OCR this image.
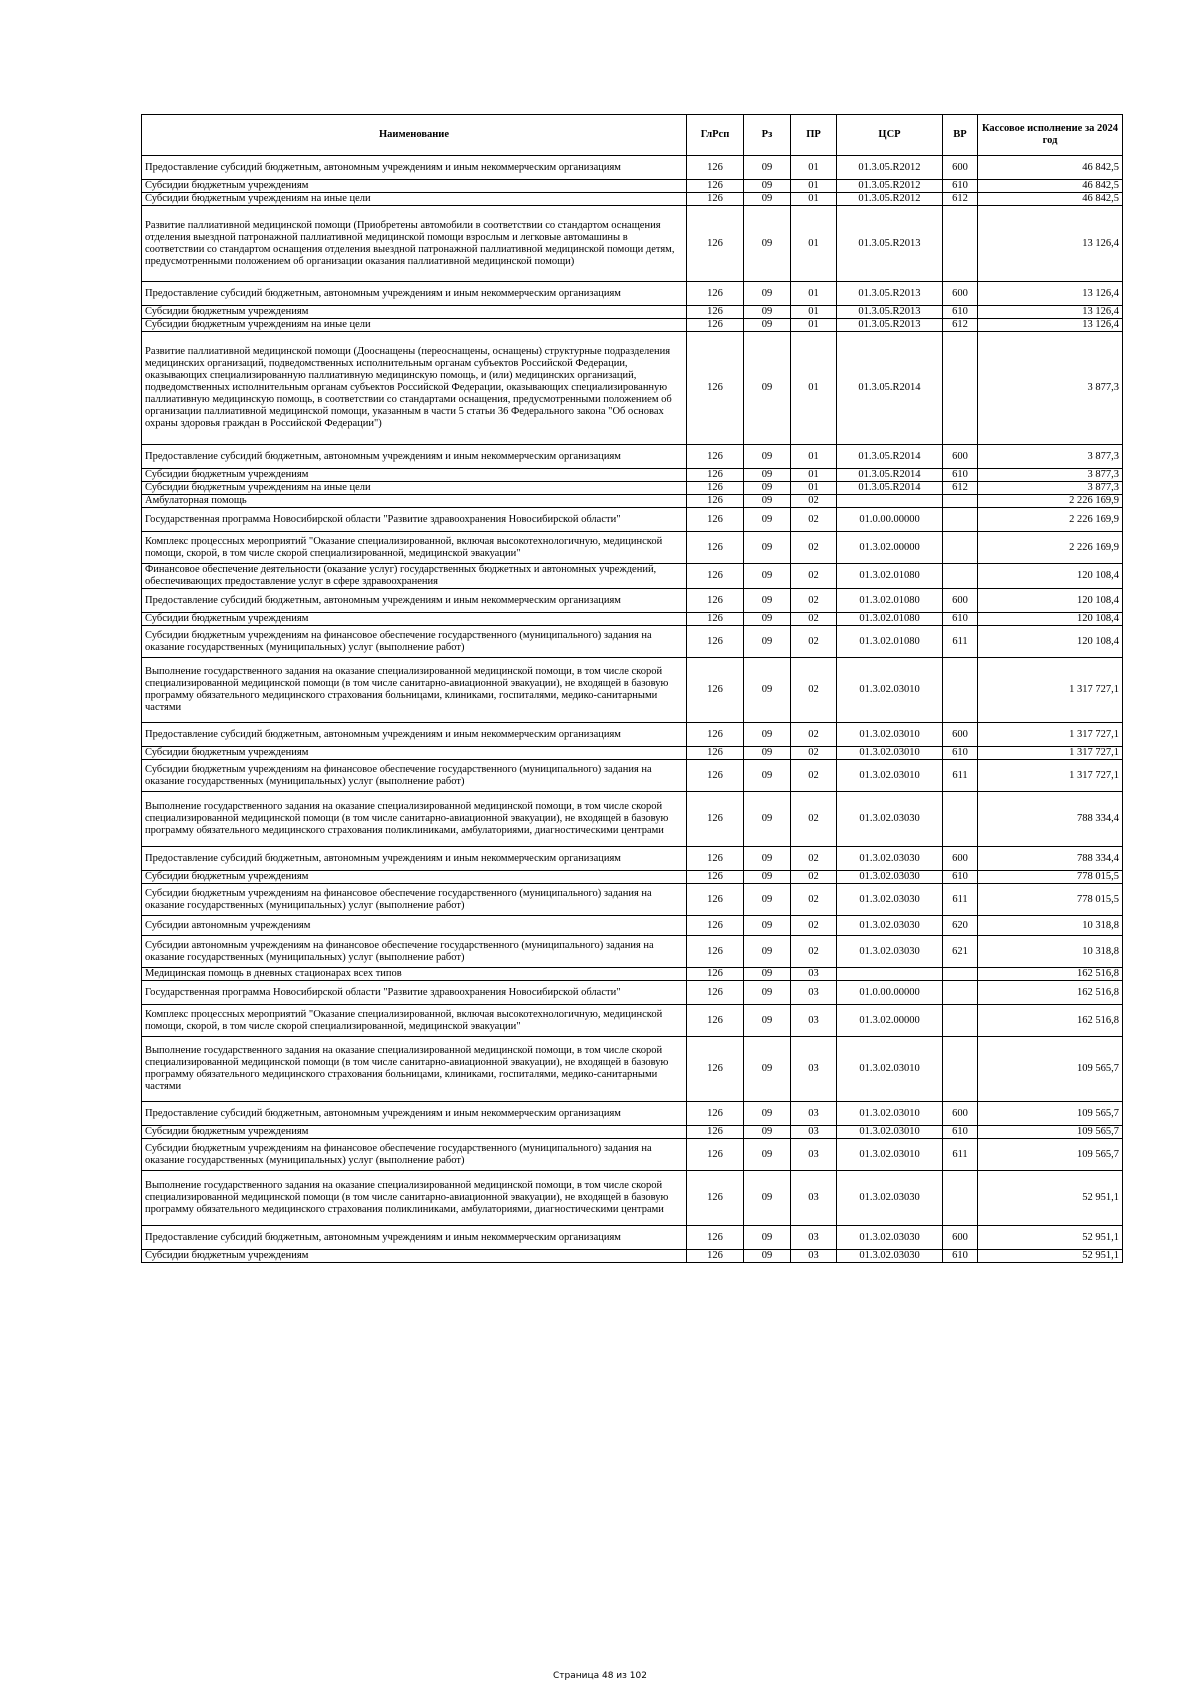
Наименование	ГлРсп	Рз	ПР	ЦСР	ВР	Кассовое исполнение за 2024 год
Предоставление субсидий бюджетным, автономным учреждениям и иным некоммерческим организациям	126	09	01	01.3.05.R2012	600	46 842,5
Субсидии бюджетным учреждениям	126	09	01	01.3.05.R2012	610	46 842,5
Субсидии бюджетным учреждениям на иные цели	126	09	01	01.3.05.R2012	612	46 842,5
Развитие паллиативной медицинской помощи (Приобретены автомобили в соответствии со стандартом оснащения отделения выездной патронажной паллиативной медицинской помощи взрослым и легковые автомашины в соответствии со стандартом оснащения отделения выездной патронажной паллиативной медицинской помощи детям, предусмотренными положением об организации оказания паллиативной медицинской помощи)	126	09	01	01.3.05.R2013		13 126,4
Предоставление субсидий бюджетным, автономным учреждениям и иным некоммерческим организациям	126	09	01	01.3.05.R2013	600	13 126,4
Субсидии бюджетным учреждениям	126	09	01	01.3.05.R2013	610	13 126,4
Субсидии бюджетным учреждениям на иные цели	126	09	01	01.3.05.R2013	612	13 126,4
Развитие паллиативной медицинской помощи (Дооснащены (переоснащены, оснащены) структурные подразделения медицинских организаций, подведомственных исполнительным органам субъектов Российской Федерации, оказывающих специализированную паллиативную медицинскую помощь, и (или) медицинских организаций, подведомственных исполнительным органам субъектов Российской Федерации, оказывающих специализированную паллиативную медицинскую помощь, в соответствии со стандартами оснащения, предусмотренными положением об организации паллиативной медицинской помощи, указанным в части 5 статьи 36 Федерального закона "Об основах охраны здоровья граждан в Российской Федерации")	126	09	01	01.3.05.R2014		3 877,3
Предоставление субсидий бюджетным, автономным учреждениям и иным некоммерческим организациям	126	09	01	01.3.05.R2014	600	3 877,3
Субсидии бюджетным учреждениям	126	09	01	01.3.05.R2014	610	3 877,3
Субсидии бюджетным учреждениям на иные цели	126	09	01	01.3.05.R2014	612	3 877,3
Амбулаторная помощь	126	09	02			2 226 169,9
Государственная программа Новосибирской области "Развитие здравоохранения Новосибирской области"	126	09	02	01.0.00.00000		2 226 169,9
Комплекс процессных мероприятий "Оказание специализированной, включая высокотехнологичную, медицинской помощи, скорой, в том числе скорой специализированной, медицинской эвакуации"	126	09	02	01.3.02.00000		2 226 169,9
Финансовое обеспечение деятельности (оказание услуг) государственных бюджетных и автономных учреждений, обеспечивающих предоставление услуг в сфере здравоохранения	126	09	02	01.3.02.01080		120 108,4
Предоставление субсидий бюджетным, автономным учреждениям и иным некоммерческим организациям	126	09	02	01.3.02.01080	600	120 108,4
Субсидии бюджетным учреждениям	126	09	02	01.3.02.01080	610	120 108,4
Субсидии бюджетным учреждениям на финансовое обеспечение государственного (муниципального) задания на оказание государственных (муниципальных) услуг (выполнение работ)	126	09	02	01.3.02.01080	611	120 108,4
Выполнение государственного задания на оказание специализированной медицинской помощи, в том числе скорой специализированной медицинской помощи (в том числе санитарно-авиационной эвакуации), не входящей в базовую программу обязательного медицинского страхования больницами, клиниками, госпиталями, медико-санитарными частями	126	09	02	01.3.02.03010		1 317 727,1
Предоставление субсидий бюджетным, автономным учреждениям и иным некоммерческим организациям	126	09	02	01.3.02.03010	600	1 317 727,1
Субсидии бюджетным учреждениям	126	09	02	01.3.02.03010	610	1 317 727,1
Субсидии бюджетным учреждениям на финансовое обеспечение государственного (муниципального) задания на оказание государственных (муниципальных) услуг (выполнение работ)	126	09	02	01.3.02.03010	611	1 317 727,1
Выполнение государственного задания на оказание специализированной медицинской помощи, в том числе скорой специализированной медицинской помощи (в том числе санитарно-авиационной эвакуации), не входящей в базовую программу обязательного медицинского страхования поликлиниками, амбулаториями, диагностическими центрами	126	09	02	01.3.02.03030		788 334,4
Предоставление субсидий бюджетным, автономным учреждениям и иным некоммерческим организациям	126	09	02	01.3.02.03030	600	788 334,4
Субсидии бюджетным учреждениям	126	09	02	01.3.02.03030	610	778 015,5
Субсидии бюджетным учреждениям на финансовое обеспечение государственного (муниципального) задания на оказание государственных (муниципальных) услуг (выполнение работ)	126	09	02	01.3.02.03030	611	778 015,5
Субсидии автономным учреждениям	126	09	02	01.3.02.03030	620	10 318,8
Субсидии автономным учреждениям на финансовое обеспечение государственного (муниципального) задания на оказание государственных (муниципальных) услуг (выполнение работ)	126	09	02	01.3.02.03030	621	10 318,8
Медицинская помощь в дневных стационарах всех типов	126	09	03			162 516,8
Государственная программа Новосибирской области "Развитие здравоохранения Новосибирской области"	126	09	03	01.0.00.00000		162 516,8
Комплекс процессных мероприятий "Оказание специализированной, включая высокотехнологичную, медицинской помощи, скорой, в том числе скорой специализированной, медицинской эвакуации"	126	09	03	01.3.02.00000		162 516,8
Выполнение государственного задания на оказание специализированной медицинской помощи, в том числе скорой специализированной медицинской помощи (в том числе санитарно-авиационной эвакуации), не входящей в базовую программу обязательного медицинского страхования больницами, клиниками, госпиталями, медико-санитарными частями	126	09	03	01.3.02.03010		109 565,7
Предоставление субсидий бюджетным, автономным учреждениям и иным некоммерческим организациям	126	09	03	01.3.02.03010	600	109 565,7
Субсидии бюджетным учреждениям	126	09	03	01.3.02.03010	610	109 565,7
Субсидии бюджетным учреждениям на финансовое обеспечение государственного (муниципального) задания на оказание государственных (муниципальных) услуг (выполнение работ)	126	09	03	01.3.02.03010	611	109 565,7
Выполнение государственного задания на оказание специализированной медицинской помощи, в том числе скорой специализированной медицинской помощи (в том числе санитарно-авиационной эвакуации), не входящей в базовую программу обязательного медицинского страхования поликлиниками, амбулаториями, диагностическими центрами	126	09	03	01.3.02.03030		52 951,1
Предоставление субсидий бюджетным, автономным учреждениям и иным некоммерческим организациям	126	09	03	01.3.02.03030	600	52 951,1
Субсидии бюджетным учреждениям	126	09	03	01.3.02.03030	610	52 951,1
Страница 48 из 102
